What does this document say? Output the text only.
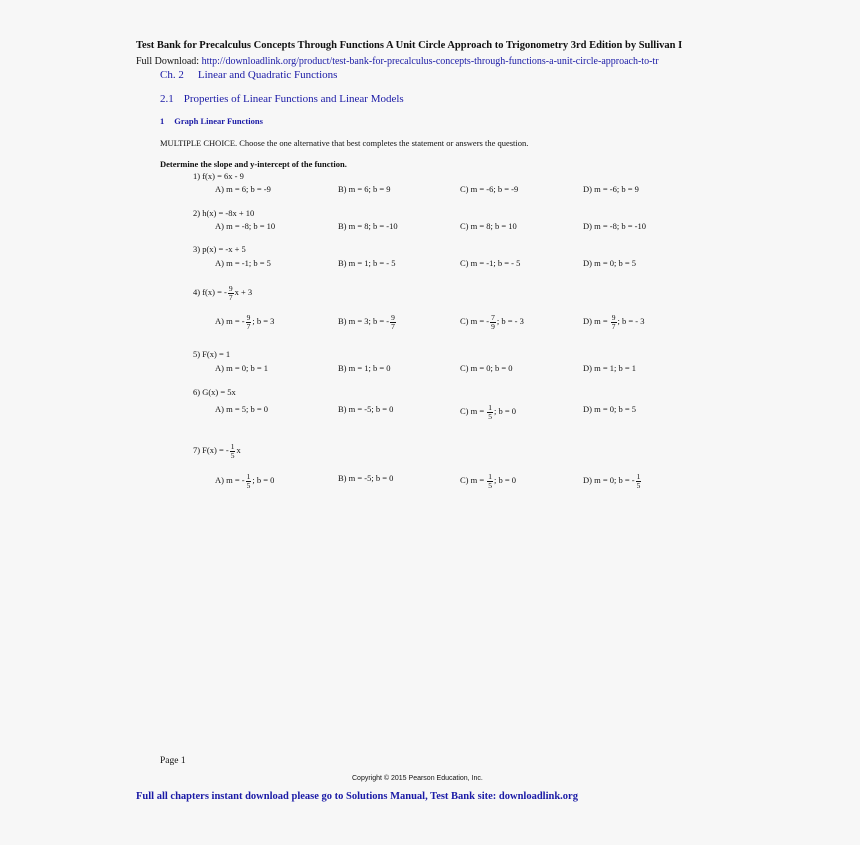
Test Bank for Precalculus Concepts Through Functions A Unit Circle Approach to Trigonometry 3rd Edition by Sullivan I
Full Download: http://downloadlink.org/product/test-bank-for-precalculus-concepts-through-functions-a-unit-circle-approach-to-tr
Ch. 2 Linear and Quadratic Functions
2.1 Properties of Linear Functions and Linear Models
1 Graph Linear Functions
MULTIPLE CHOICE. Choose the one alternative that best completes the statement or answers the question.
Determine the slope and y-intercept of the function.
1) f(x) = 6x - 9
A) m = 6; b = -9	B) m = 6; b = 9	C) m = -6; b = -9	D) m = -6; b = 9
2) h(x) = -8x + 10
A) m = -8; b = 10	B) m = 8; b = -10	C) m = 8; b = 10	D) m = -8; b = -10
3) p(x) = -x + 5
A) m = -1; b = 5	B) m = 1; b = - 5	C) m = -1; b = - 5	D) m = 0; b = 5
4) f(x) = - $\frac{9}{7}$ x + 3
A) m = - $\frac{9}{7}$ ; b = 3	B) m = 3; b = - $\frac{9}{7}$	C) m = - $\frac{7}{9}$ ; b = - 3	D) $m = \frac{9}{7}$ ; b = - 3
5) F(x) = 1
A) m = 0; b = 1	B) m = 1; b = 0	C) m = 0; b = 0	D) m = 1; b = 1
6) G(x) = 5x
A) m = 5; b = 0	B) m = -5; b = 0	C) $m = \frac{1}{5}$ ; b = 0	D) m = 0; b = 5
7) F(x) = - $\frac{1}{5}$ x
A) m = - $\frac{1}{5}$ ; b = 0	B) m = -5; b = 0	C) $m = \frac{1}{5}$ ; b = 0	D) m = 0; b = - $\frac{1}{5}$
Page 1
Copyright © 2015 Pearson Education, Inc.
Full all chapters instant download please go to Solutions Manual, Test Bank site: downloadlink.org
